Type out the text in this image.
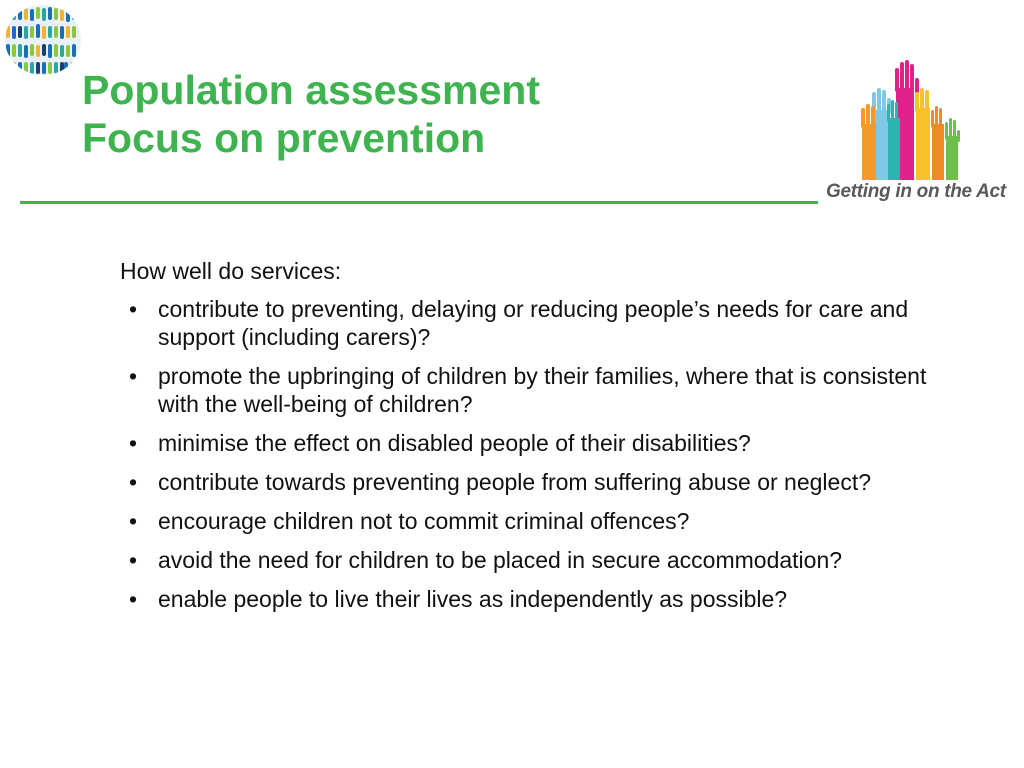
Population assessment
Focus on prevention
Getting in on the Act

How well do services:

• contribute to preventing, delaying or reducing people’s needs for care and support (including carers)?
• promote the upbringing of children by their families, where that is consistent with the well-being of children?
• minimise the effect on disabled people of their disabilities?
• contribute towards preventing people from suffering abuse or neglect?
• encourage children not to commit criminal offences?
• avoid the need for children to be placed in secure accommodation?
• enable people to live their lives as independently as possible?
